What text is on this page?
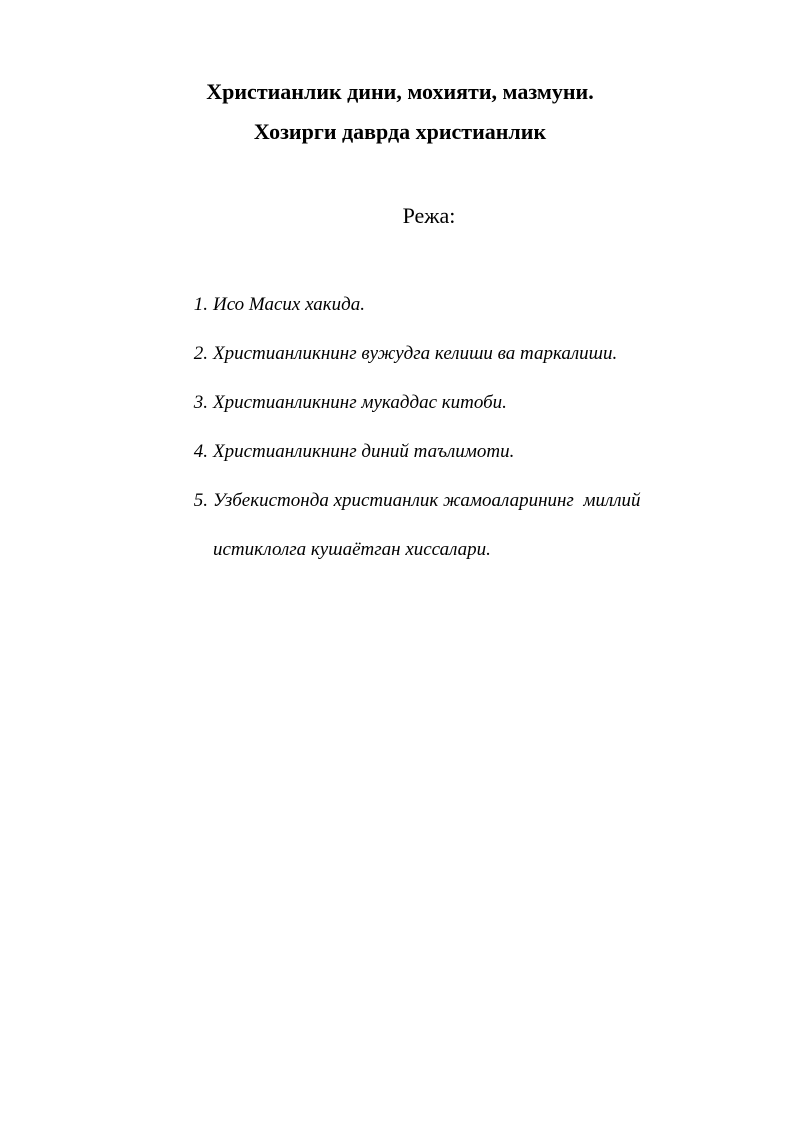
Христианлик дини, мохияти, мазмуни.
Хозирги даврда христианлик
Режа:
1. Исо Масих хакида.
2. Христианликнинг вужудга келиши ва таркалиши.
3. Христианликнинг мукаддас китоби.
4. Христианликнинг диний таълимоти.
5. Узбекистонда христианлик жамоаларининг  миллий
истиклолга кушаётган хиссалари.
